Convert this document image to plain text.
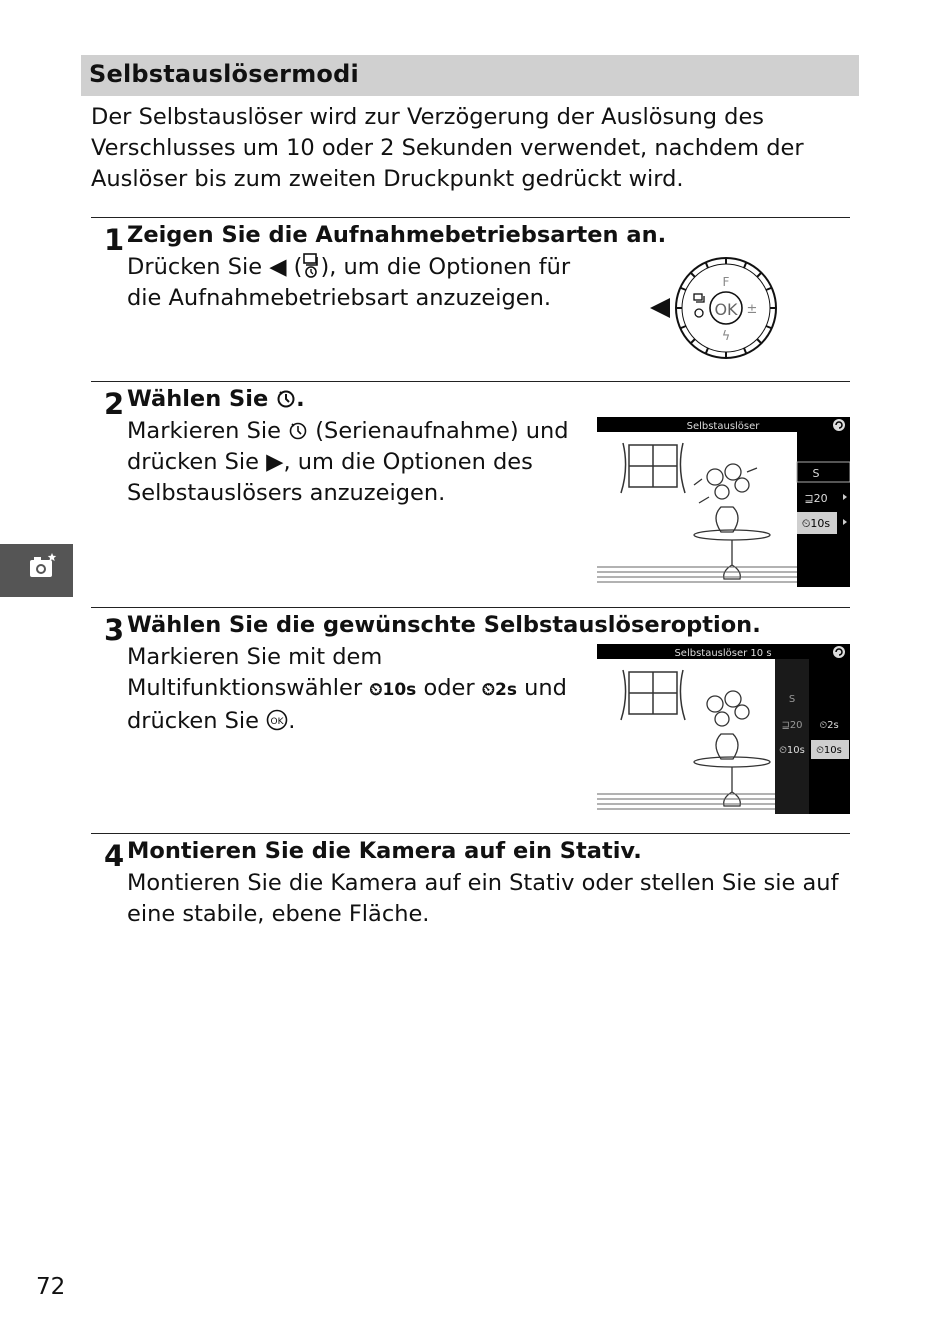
Selbstauslösermodi

Der Selbstauslöser wird zur Verzögerung der Auslösung des Verschlusses um 10 oder 2 Sekunden verwendet, nachdem der Auslöser bis zum zweiten Druckpunkt gedrückt wird.

1 Zeigen Sie die Aufnahmebetriebsarten an.

Drücken Sie ◀ ( ), um die Optionen für
die Aufnahmebetriebsart anzuzeigen.	OK
F
±
ϟ
2 Wählen Sie .

Markieren Sie  (Serienaufnahme) und
drücken Sie ▶, um die Optionen des
Selbstauslösers anzuzeigen.

Selbstauslöser
S
⊒20
⏲10s
3 Wählen Sie die gewünschte Selbstauslöseroption.

Markieren Sie mit dem
Multifunktionswähler ⏲10s oder ⏲2s und
drücken Sie OK .

Selbstauslöser 10 s
S
⊒20
⏲10s
⏲2s
⏲10s
4 Montieren Sie die Kamera auf ein Stativ.

Montieren Sie die Kamera auf ein Stativ oder stellen Sie sie auf
eine stabile, ebene Fläche.

72
